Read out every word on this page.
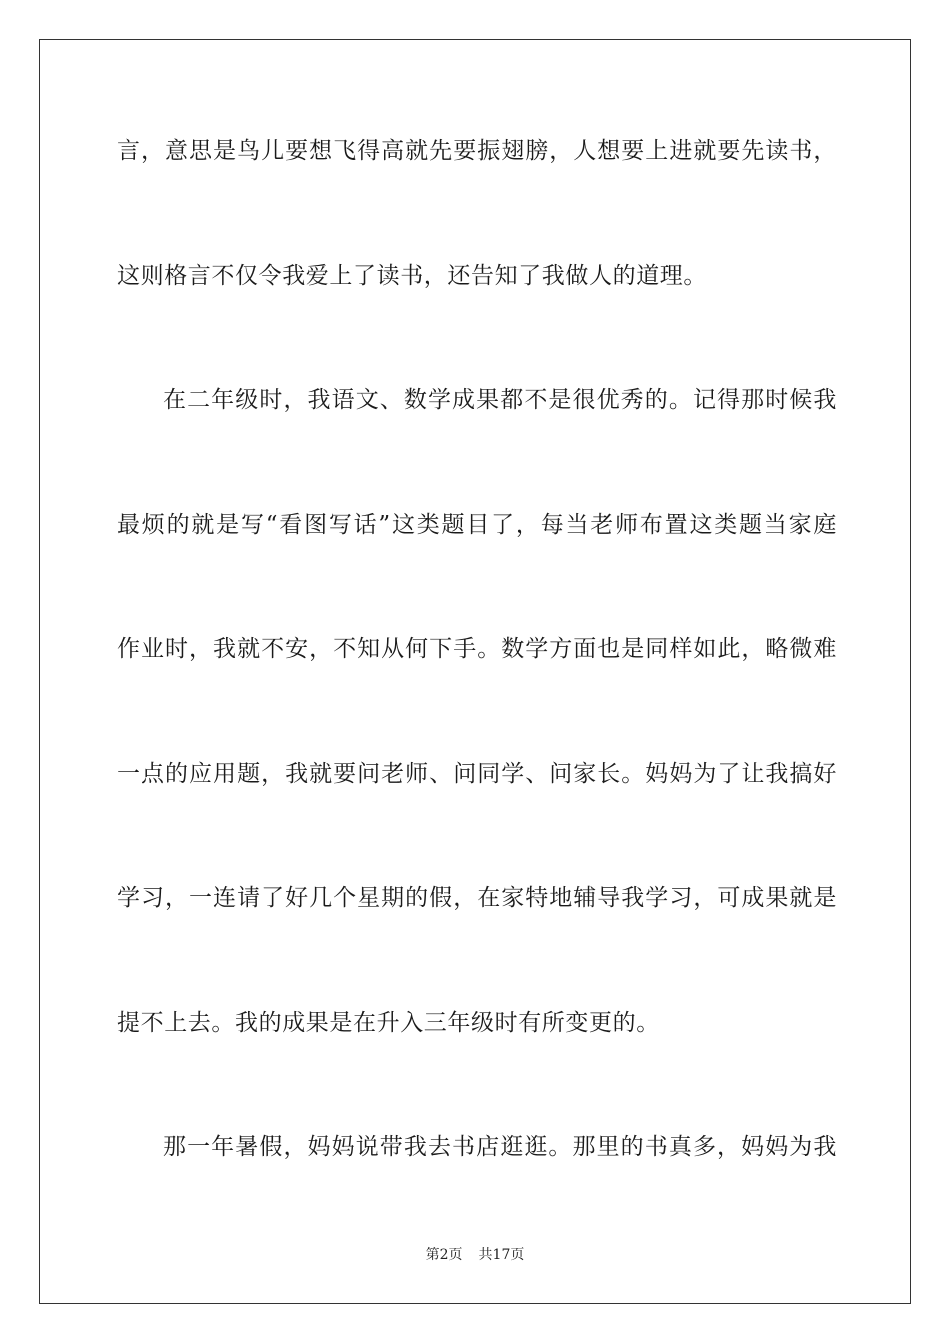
言，意思是鸟儿要想飞得高就先要振翅膀，人想要上进就要先读书，
这则格言不仅令我爱上了读书，还告知了我做人的道理。
在二年级时，我语文、数学成果都不是很优秀的。记得那时候我
最烦的就是写“看图写话”这类题目了，每当老师布置这类题当家庭
作业时，我就不安，不知从何下手。数学方面也是同样如此，略微难
一点的应用题，我就要问老师、问同学、问家长。妈妈为了让我搞好
学习，一连请了好几个星期的假，在家特地辅导我学习，可成果就是
提不上去。我的成果是在升入三年级时有所变更的。
那一年暑假，妈妈说带我去书店逛逛。那里的书真多，妈妈为我
第2页 共17页
